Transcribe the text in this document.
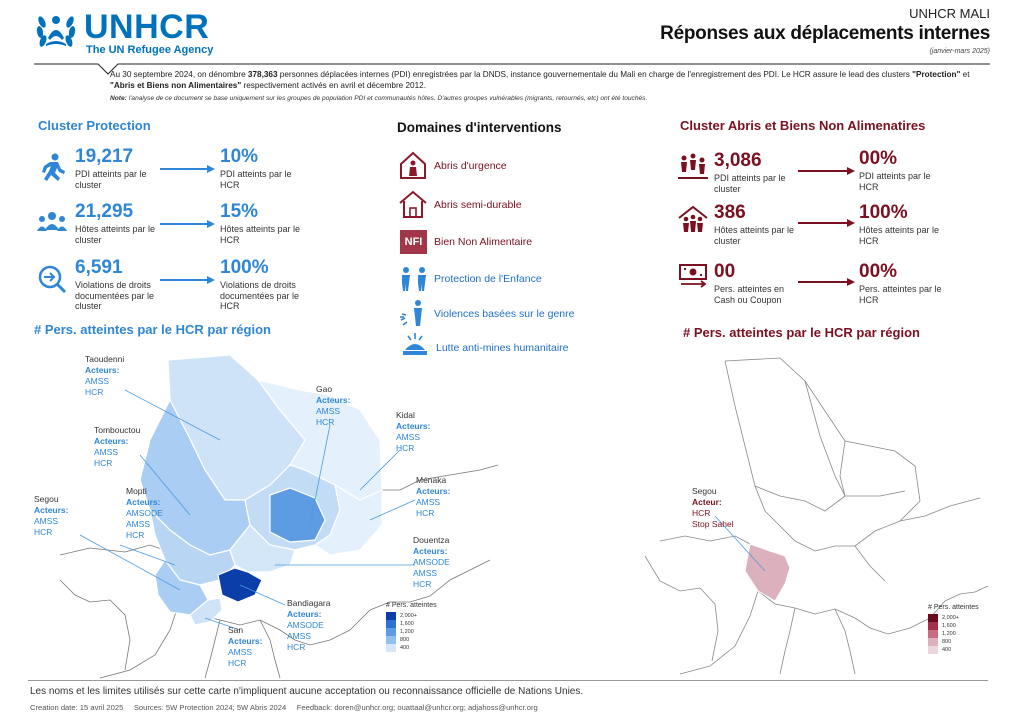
UNHCR
The UN Refugee Agency
UNHCR MALI
Réponses aux déplacements internes
(janvier-mars 2025)
Au 30 septembre 2024, on dénombre 378,363 personnes déplacées internes (PDI) enregistrées par la DNDS, instance gouvernementale du Mali en charge de l'enregistrement des PDI. Le HCR assure le lead des clusters "Protection" et "Abris et Biens non Alimentaires" respectivement activés en avril et décembre 2012.
Note: l'analyse de ce document se base uniquement sur les groupes de population PDI et communautés hôtes. D'autres groupes vulnérables (migrants, retournés, etc) ont été touchés.
Cluster Protection
19,217
PDI atteints par le cluster
10%
PDI atteints par le HCR
21,295
Hôtes atteints par le cluster
15%
Hôtes atteints par le HCR
6,591
Violations de droits documentées par le cluster
100%
Violations de droits documentées par le HCR
# Pers. atteintes par le HCR par région
Domaines d'interventions
Abris d'urgence
Abris semi-durable
NFI	Bien Non Alimentaire
Protection de l'Enfance
Violences basées sur le genre
Lutte anti-mines humanitaire
Cluster Abris et Biens Non Alimenatires
3,086
PDI atteints par le cluster
00%
PDI atteints par le HCR
386
Hôtes atteints par le cluster
100%
Hôtes atteints par le HCR
00
Pers. atteintes en Cash ou Coupon
00%
Pers. atteintes par le HCR
# Pers. atteintes par le HCR par région
Taoudenni
Acteurs:
AMSS
HCR	Gao
Acteurs:
AMSS
HCR
Kidal
Acteurs:
AMSS
HCR
Tombouctou
Acteurs:
AMSS
HCR
Ménaka
Acteurs:
AMSS
HCR
Mopti
Acteurs:
AMSODE
AMSS
HCR
Segou
Acteurs:
AMSS
HCR
Douentza
Acteurs:
AMSODE
AMSS
HCR
Bandiagara
Acteurs:
AMSODE
AMSS
HCR
San
Acteurs:
AMSS
HCR
# Pers. atteintes
2,000+
1,600
1,200
800
400
Segou
Acteur:
HCR
Stop Sahel
# Pers. atteintes
2,000+
1,600
1,200
800
400
Les noms et les limites utilisés sur cette carte n'impliquent aucune acceptation ou reconnaissance officielle de Nations Unies.
Creation date: 15 avril 2025     Sources: 5W Protection 2024; 5W Abris 2024     Feedback: doren@unhcr.org; ouattaal@unhcr.org; adjahoss@unhcr.org
